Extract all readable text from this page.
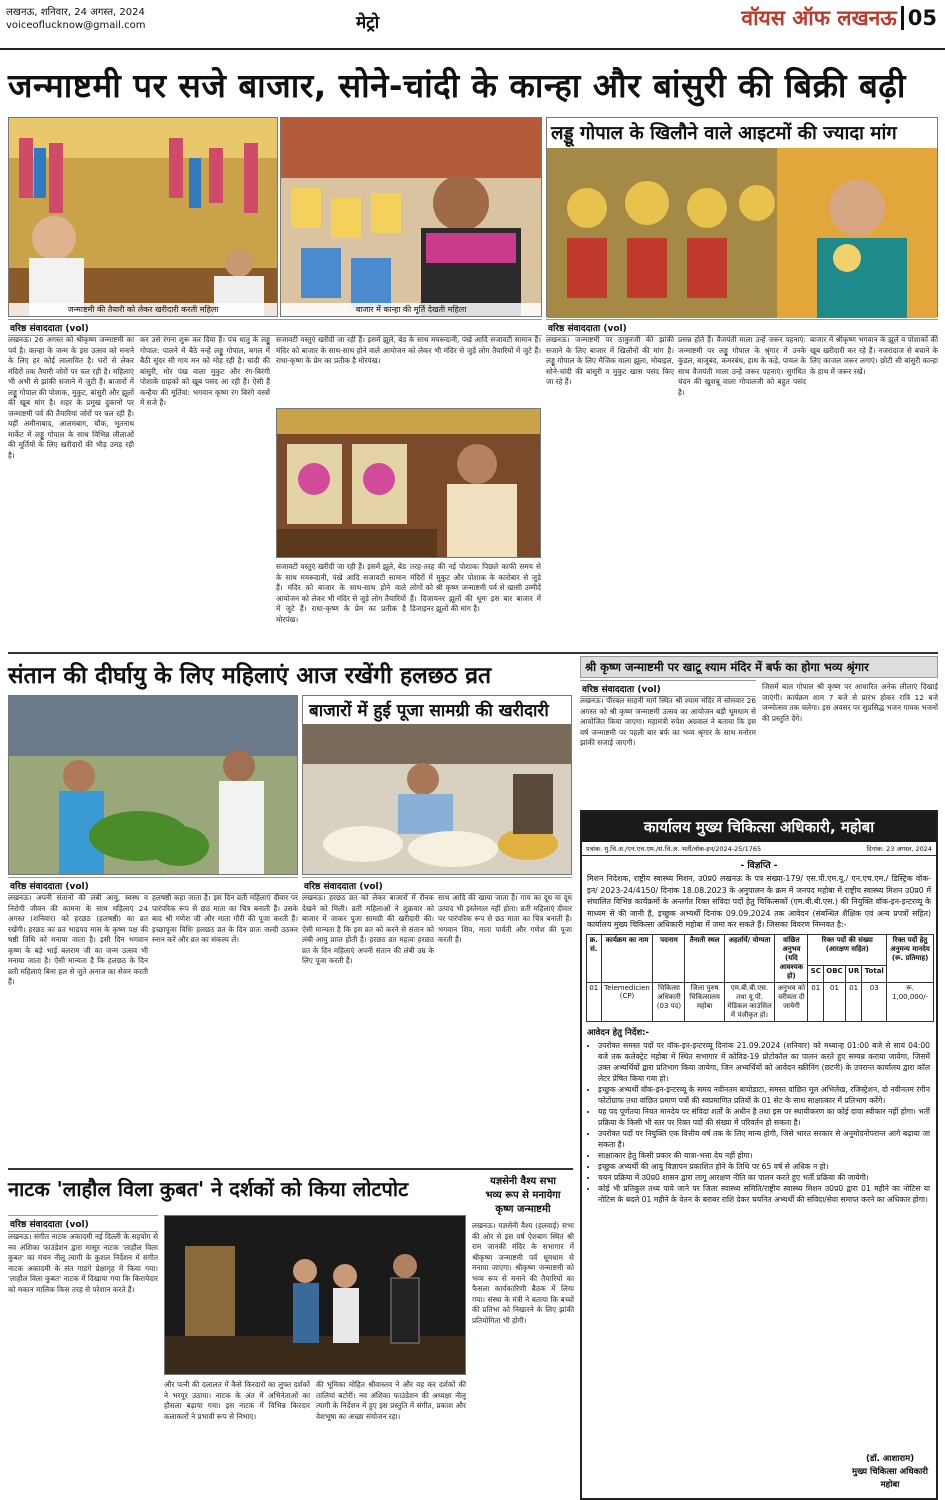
लखनऊ, शनिवार, 24 अगस्त, 2024
voiceoflucknow@gmail.com	मेट्रो	वॉयस ऑफ लखनऊ 05
जन्माष्टमी पर सजे बाजार, सोने-चांदी के कान्हा और बांसुरी की बिक्री बढ़ी
जन्माष्टमी की तैयारी को लेकर खरीदारी करती महिला	बाजार में कान्हा की मूर्ति देखती महिला
लड्डू गोपाल के खिलौने वाले आइटमों की ज्यादा मांग
वरिष्ठ संवाददाता (vol)	वरिष्ठ संवाददाता (vol)
लखनऊ। 26 अगस्त को श्रीकृष्ण जन्माष्टमी का पर्व है। कान्हा के जन्म के इस उत्सव को मनाने के लिए हर कोई लालायित है। घरों से लेकर मंदिरों तक तैयारी जोरों पर चल रही है। महिलाएं भी अभी से झांकी सजाने में जुटी हैं। बाजारों में लड्डू गोपाल की पोशाक, मुकुट, बांसुरी और झूलों की खूब मांग है। शहर के प्रमुख दुकानों पर जन्माष्टमी पर्व की तैयारियां जोरों पर चल रही हैं। यहीं अमीनाबाद, आलमबाग, चौक, भूतनाथ मार्केट में लड्डू गोपाल के साथ विभिन्न लीलाओं की मूर्तियों के लिए खरीदारों की भीड़ उमड़ रही है।
कर उसे रंगना शुरू कर दिया है। पंच धातु के लड्डू गोपाल: पालने में बैठे नन्हें लड्डू गोपाल, बगल में बैठी सुंदर सी गाय मन को मोह रही है। चांदी की बांसुरी, मोर पंख वाला मुकुट और रंग-बिरंगी पोशाकें ग्राहकों को खूब पसंद आ रही हैं। ऐसी हैं कन्हैया की मूर्तियां: भगवान कृष्ण रंग बिरंगे वस्त्रों में सजे हैं।
सजावटी वस्तुएं खरीदी जा रही हैं। इसमें झूले, बेड के साथ मयरूदानी, पंखे आदि सजावटी सामान हैं। मंदिर को बाजार के साथ-साथ होने वाले आयोजन को लेकर भी मंदिर से जुड़े लोग तैयारियों में जुटे हैं। राधा-कृष्ण के प्रेम का प्रतीक है मोरपंख।
सजावटी वस्तुएं खरीदी जा रही हैं। इसमें झूले, बेड के साथ मयरूदानी, पंखे आदि सजावटी सामान हैं। मंदिर को बाजार के साथ-साथ होने वाले आयोजन को लेकर भी मंदिर से जुड़े लोग तैयारियों में जुटे हैं। राधा-कृष्ण के प्रेम का प्रतीक है मोरपंख।
तरह-तरह की नई पोशाकः पिछले काफी समय से मंदिरों में मुकुट और पोशाक के कारोबार से जुड़े लोगों को श्री कृष्ण जन्माष्टमी पर्व से खासी उम्मीदें हैं। दिजायनर झूलों की धूमः इस बार बाजार में डिजाइनर झूलों की मांग है।
लखनऊ। जन्माष्टमी पर ठाकुरजी की झांकी सजाने के लिए बाजार में खिलौनों की मांग है। लड्डू गोपाल के लिए मैजिक वाला झूला, मोबाइल, सोने-चांदी की बांसुरी व मुकुट खास पसंद किए जा रहे हैं।
प्रसन्न होते हैं। वैजयंती माला उन्हें जरूर पहनाएं: जन्माष्टमी पर लड्डू गोपाल के श्रृंगार में उनके कुंडल, बाजूबंद, कमरबंध, हाथ के कड़े, पायल के साथ वैजयंती माला उन्हें जरूर पहनाएं। सुगंधित चंदन की खुशबू वाला गोपालजी को बहुत पसंद है।
बाजार में श्रीकृष्ण भगवान के झूले व पोशाकों की खूब खरीदारी कर रहे हैं। नजरांदाज से बचाने के लिए काजल जरूर लगाएं। छोटी सी बांसुरी कान्हा के हाथ में जरूर रखें।
संतान की दीर्घायु के लिए महिलाएं आज रखेंगी हलछठ व्रत
बाजारों में हुई पूजा सामग्री की खरीदारी
वरिष्ठ संवाददाता (vol)	वरिष्ठ संवाददाता (vol)
लखनऊ। अपनी संतानों की लंबी आयु, स्वस्थ व निरोगी जीवन की कामना के साथ महिलाएं 24 अगस्त (शनिवार) को हरछठ (हलषष्ठी) का व्रत रखेंगी। हरछठ का व्रत भाद्रपद मास के कृष्ण पक्ष की षष्ठी तिथि को मनाया जाता है। इसी दिन भगवान कृष्ण के बड़े भाई बलराम जी का जन्म उत्सव भी मनाया जाता है। ऐसी मान्यता है कि हलछठ के दिन व्रती महिलाएं बिना हल से जुते अनाज का सेवन करती हैं।
हलषष्ठी कहा जाता है। इस दिन व्रती महिलाएं दीवार पर पारंपरिक रूप से छठ माता का चित्र बनाती हैं। उसके बाद श्री गणेश जी और माता गौरी की पूजा करती हैं। इच्छापूजा विधिः हलछठ व्रत के दिन प्रातः जल्दी उठकर स्नान करें और व्रत का संकल्प लें।
लखनऊ। हरछठ व्रत को लेकर बाजारों में रौनक देखने को मिली। व्रती महिलाओं ने शुक्रवार को बाजार में जाकर पूजा सामग्री की खरीदारी की। ऐसी मान्यता है कि इस व्रत को करने से संतान को लंबी आयु प्राप्त होती है। हरछठ व्रत महत्वः हरछठ व्रत के दिन महिलाएं अपनी संतान की लंबी उम्र के लिए पूजा करती हैं।
साथ आदि की खाया जाता है। गाय का दूध या दूध उत्पाद भी इस्तेमाल नहीं होता। व्रती महिलाएं दीवार पर पारंपरिक रूप से छठ माता का चित्र बनाती हैं। भगवान शिव, माता पार्वती और गणेश की पूजा करती हैं।
श्री कृष्ण जन्माष्टमी पर खाटू श्याम मंदिर में बर्फ का होगा भव्य श्रृंगार
वरिष्ठ संवाददाता (vol)
लखनऊ। पीरबल साहनी मार्ग स्थित श्री श्याम मंदिर में सोमवार 26 अगस्त को श्री कृष्ण जन्माष्टमी उत्सव का आयोजन बड़ी धूमधाम से आयोजित किया जाएगा। महामंत्री रुपेश अग्रवाल ने बताया कि इस वर्ष जन्माष्टमी पर पहली बार बर्फ का भव्य श्रृंगार के साथ मनोरम झांकी सजाई जाएगी।
जिसमें बाल गोपाल श्री कृष्ण पर आधारित अनेक लीलाएं दिखाई जाएंगी। कार्यक्रम शाम 7 बजे से प्रारंभ होकर रात्रि 12 बजे जन्मोत्सव तक चलेगा। इस अवसर पर सुप्रसिद्ध भजन गायक भजनों की प्रस्तुति देंगे।
कार्यालय मुख्य चिकित्सा अधिकारी, महोबा
पत्रांक: मु.चि.अ./एन.एच.एम./सं.चि.अ. भर्ती/वॉक-इन/2024-25/1765	दिनांक: 23 अगस्त, 2024
- विज्ञप्ति -
मिशन निदेशक, राष्ट्रीय स्वास्थ्य मिशन, उ0प्र0 लखनऊ के पत्र संख्या-179/ एस.पी.एम.यू./ एन.एच.एम./ डिस्ट्रिक वॉक-इन/ 2023-24/4150/ दिनांक 18.08.2023 के अनुपालन के क्रम में जनपद महोबा में राष्ट्रीय स्वास्थ्य मिशन उ0प्र0 में संचालित विभिन्न कार्यक्रमों के अन्तर्गत रिक्त संविदा पदों हेतु चिकित्सकों (एम.बी.बी.एस.) की नियुक्ति वॉक-इन-इन्टरव्यू के माध्यम से की जानी है, इच्छुक अभ्यर्थी दिनांक 09.09.2024 तक आवेदन (संबन्धित शैक्षिक एवं अन्य प्रपत्रों सहित) कार्यालय मुख्य चिकित्सा अधिकारी महोबा में जमा कर सकते हैं। जिसका विवरण निम्नवत है:-
क्र. सं.	कार्यक्रम का नाम	पदनाम	तैनाती स्थल	अहर्तायें/ योग्यता	वांछित अनुभव (यदि आवश्यक हो)	रिक्त पदों की संख्या (आरक्षण सहित)				रिक्त पदों हेतु अनुमन्य मानदेय (रू. प्रतिमाह)
						SC	OBC	UR	Total	
01	Telemedicien (CP)	चिकित्सा अधिकारी (03 पद)	जिला पुरुष चिकित्सालय महोबा	एम.बी.बी.एस. तथा यू.पी. मेडिकल काउंसिल में पंजीकृत हो।	अनुभव को वरीयता दी जायेगी	01	01	01	03	रू. 1,00,000/-
आवेदन हेतु निर्देश:-
• उपरोक्त समस्त पदों पर वॉक-इन-इन्टरव्यू दिनांक 21.09.2024 (शनिवार) को मध्यान्ह 01:00 बजे से सायं 04:00 बजे तक कलेक्ट्रेट महोबा में स्थित सभागार में कोविड-19 प्रोटोकॉल का पालन करते हुए सम्पन्न कराया जायेगा, जिसमें उक्त अभ्यर्थियों द्वारा प्रतिभाग किया जायेगा, जिन अभ्यर्थियों को आवेदन स्क्रीनिंग (छटनी) के उपरान्त कार्यालय द्वारा कॉल लेटर प्रेषित किया गया हो।
• इच्छुक अभ्यर्थी वॉक-इन-इन्टरव्यू के समय नवीनतम बायोडाटा, समस्त वांछित मूल अभिलेख, रजिस्ट्रेशन, दो नवीनतम रंगीन फोटोग्राफ तथा वांछित प्रमाण पत्रों की स्वप्रमाणित प्रतियों के 01 सेट के साथ साक्षात्कार में प्रतिभाग करेंगे।
• यह पद पूर्णतया नियत मानदेय पर संविदा शर्तों के अधीन है तथा इस पर स्थायीकरण का कोई दावा स्वीकार नहीं होगा। भर्ती प्रक्रिया के किसी भी स्तर पर रिक्त पदों की संख्या में परिवर्तन हो सकता है।
• उपरोक्त पदों पर नियुक्ति एक वित्तीय वर्ष तक के लिए मान्य होगी, जिसे भारत सरकार से अनुमोदनोपरान्त आगे बढ़ाया जा सकता है।
• साक्षात्कार हेतु किसी प्रकार की यात्रा-भत्ता देय नहीं होगा।
• इच्छुक अभ्यर्थी की आयु विज्ञापन प्रकाशित होने के तिथि पर 65 वर्ष से अधिक न हो।
• चयन प्रक्रिया में उ0प्र0 शासन द्वारा लागू आरक्षण नीति का पालन करते हुए भर्ती प्रक्रिया की जायेगी।
• कोई भी प्रतिकूल तथ्य पाये जाने पर जिला स्वास्थ्य समिति/राष्ट्रीय स्वास्थ्य मिशन उ0प्र0 द्वारा 01 महीने का नोटिस या नोटिस के बदले 01 महीने के वेतन के बराबर राशि देकर चयनित अभ्यर्थी की संविदा/सेवा समाप्त करने का अधिकार होगा।
(डॉ. आशाराम)
मुख्य चिकित्सा अधिकारी
महोबा
नाटक 'लाहौल विला कुबत' ने दर्शकों को किया लोटपोट
वरिष्ठ संवाददाता (vol)
लखनऊ। संगीत नाटक अकादमी नई दिल्ली के सहयोग से नव अंशिका फाउंडेशन द्वारा मासूर नाटक 'लाहौल विला कुबत' का मंचन नीलू त्यागी के कुशल निर्देशन में संगीत नाटक अकादमी के संत गाडगे प्रेक्षागृह में किया गया। 'लाहौल विला कुबत' नाटक में दिखाया गया कि किरायेदार को मकान मालिक किस तरह से परेशान करते हैं।
और पत्नी की दलालत में कैसे किरदारों का लुफ्त दर्शकों ने भरपूर उठाया। नाटक के अंत में अभिनेताओं का हौसला बढ़ाया गया। इस नाटक में विभिन्न किरदार कलाकारों ने प्रभावी रूप से निभाए।
की भूमिका मोहित श्रीवास्तव ने और वह कर दर्शकों की तालियां बटोरीं। नव अंशिका फाउंडेशन की अध्यक्षा नीलू त्यागी के निर्देशन में हुए इस प्रस्तुति में संगीत, प्रकाश और वेशभूषा का अच्छा संयोजन रहा।
यज्ञसेनी वैश्य सभा
भव्य रूप से मनायेगा
कृष्ण जन्माष्टमी
लखनऊ। यज्ञसेनी वैश्य (हलवाई) सभा की ओर से इस वर्ष ऐशबाग स्थित श्री राम जानकी मंदिर के सभागार में श्रीकृष्ण जन्माष्टमी पर्व धूमधाम से मनाया जाएगा। श्रीकृष्ण जन्माष्टमी को भव्य रूप से मनाने की तैयारियों का फैसला कार्यकारिणी बैठक में लिया गया। संस्था के मंत्री ने बताया कि बच्चों की प्रतिभा को निखारने के लिए झांकी प्रतियोगिता भी होगी।
